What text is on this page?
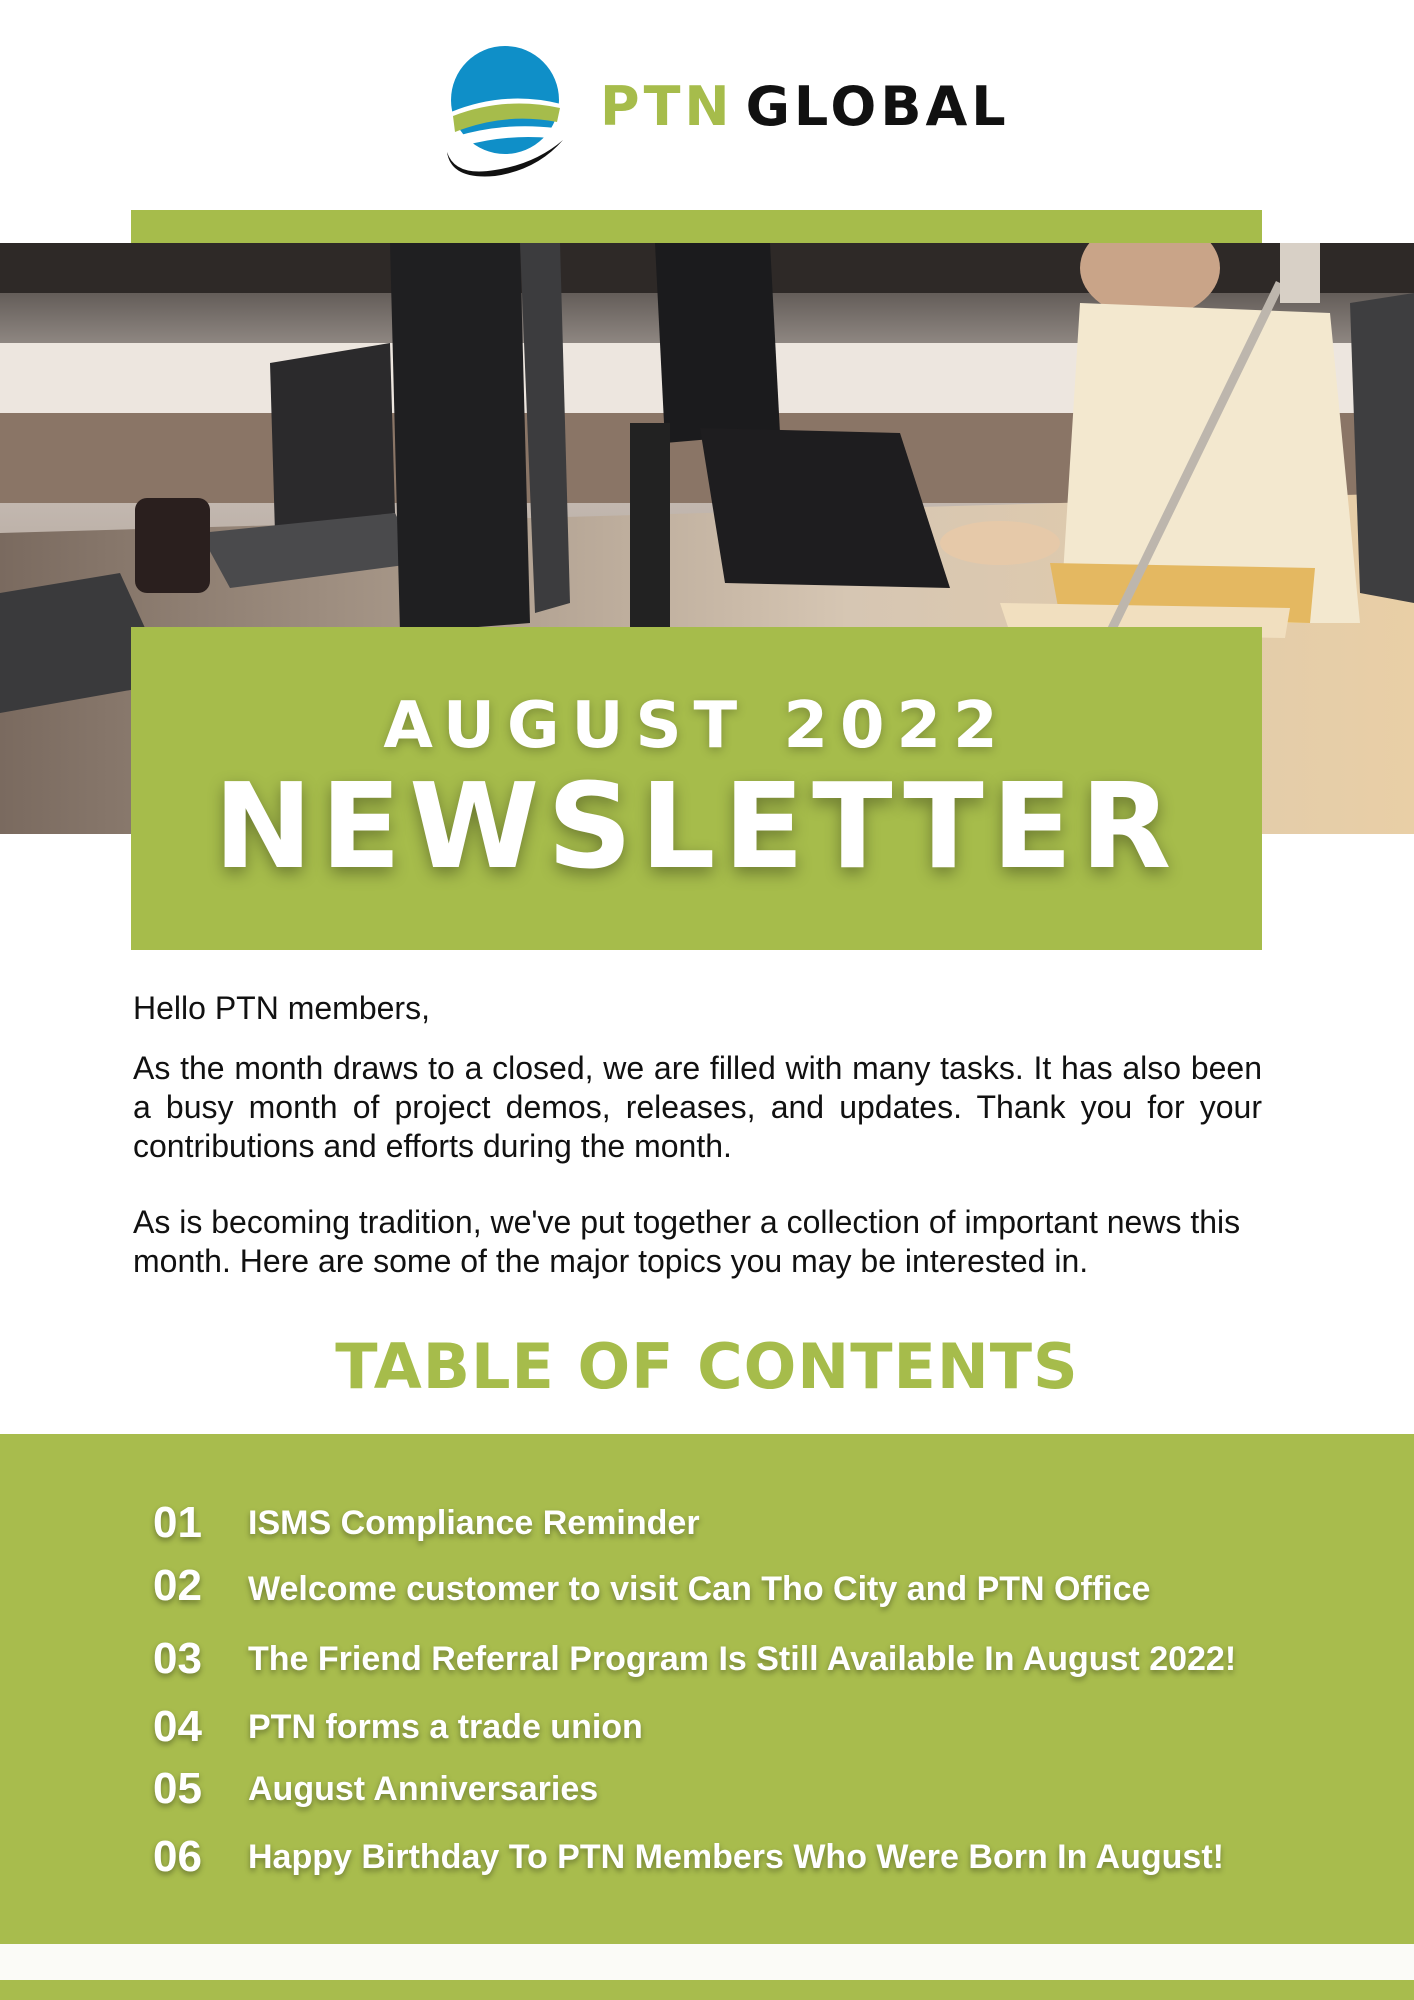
PTN GLOBAL
AUGUST 2022
NEWSLETTER
Hello PTN members,
As the month draws to a closed, we are filled with many tasks. It has also been a busy month of project demos, releases, and updates. Thank you for your contributions and efforts during the month.
As is becoming tradition, we've put together a collection of important news this month. Here are some of the major topics you may be interested in.
TABLE OF CONTENTS
01 ISMS Compliance Reminder
02 Welcome customer to visit Can Tho City and PTN Office
03 The Friend Referral Program Is Still Available In August 2022!
04 PTN forms a trade union
05 August Anniversaries
06 Happy Birthday To PTN Members Who Were Born In August!
